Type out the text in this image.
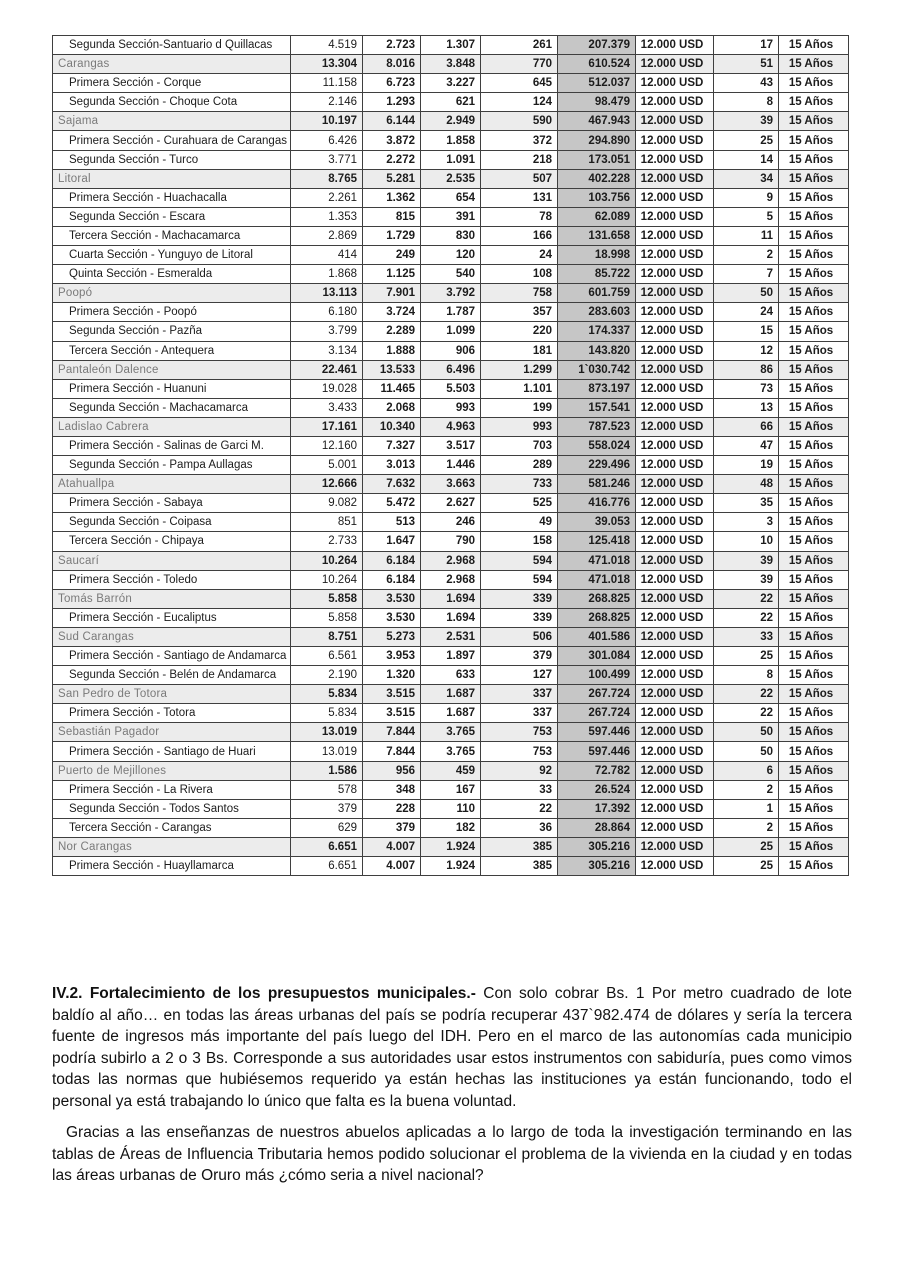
Segunda Sección-Santuario d Quillacas	4.519	2.723	1.307	261	207.379	12.000 USD	17	15 Años
Carangas	13.304	8.016	3.848	770	610.524	12.000 USD	51	15 Años
Primera Sección - Corque	11.158	6.723	3.227	645	512.037	12.000 USD	43	15 Años
Segunda Sección - Choque Cota	2.146	1.293	621	124	98.479	12.000 USD	8	15 Años
Sajama	10.197	6.144	2.949	590	467.943	12.000 USD	39	15 Años
Primera Sección - Curahuara de Carangas	6.426	3.872	1.858	372	294.890	12.000 USD	25	15 Años
Segunda Sección - Turco	3.771	2.272	1.091	218	173.051	12.000 USD	14	15 Años
Litoral	8.765	5.281	2.535	507	402.228	12.000 USD	34	15 Años
Primera Sección - Huachacalla	2.261	1.362	654	131	103.756	12.000 USD	9	15 Años
Segunda Sección - Escara	1.353	815	391	78	62.089	12.000 USD	5	15 Años
Tercera Sección - Machacamarca	2.869	1.729	830	166	131.658	12.000 USD	11	15 Años
Cuarta Sección - Yunguyo de Litoral	414	249	120	24	18.998	12.000 USD	2	15 Años
Quinta Sección - Esmeralda	1.868	1.125	540	108	85.722	12.000 USD	7	15 Años
Poopó	13.113	7.901	3.792	758	601.759	12.000 USD	50	15 Años
Primera Sección - Poopó	6.180	3.724	1.787	357	283.603	12.000 USD	24	15 Años
Segunda Sección - Pazña	3.799	2.289	1.099	220	174.337	12.000 USD	15	15 Años
Tercera Sección - Antequera	3.134	1.888	906	181	143.820	12.000 USD	12	15 Años
Pantaleón Dalence	22.461	13.533	6.496	1.299	1`030.742	12.000 USD	86	15 Años
Primera Sección - Huanuni	19.028	11.465	5.503	1.101	873.197	12.000 USD	73	15 Años
Segunda Sección - Machacamarca	3.433	2.068	993	199	157.541	12.000 USD	13	15 Años
Ladislao Cabrera	17.161	10.340	4.963	993	787.523	12.000 USD	66	15 Años
Primera Sección - Salinas de Garci M.	12.160	7.327	3.517	703	558.024	12.000 USD	47	15 Años
Segunda Sección - Pampa Aullagas	5.001	3.013	1.446	289	229.496	12.000 USD	19	15 Años
Atahuallpa	12.666	7.632	3.663	733	581.246	12.000 USD	48	15 Años
Primera Sección - Sabaya	9.082	5.472	2.627	525	416.776	12.000 USD	35	15 Años
Segunda Sección - Coipasa	851	513	246	49	39.053	12.000 USD	3	15 Años
Tercera Sección - Chipaya	2.733	1.647	790	158	125.418	12.000 USD	10	15 Años
Saucarí	10.264	6.184	2.968	594	471.018	12.000 USD	39	15 Años
Primera Sección - Toledo	10.264	6.184	2.968	594	471.018	12.000 USD	39	15 Años
Tomás Barrón	5.858	3.530	1.694	339	268.825	12.000 USD	22	15 Años
Primera Sección - Eucaliptus	5.858	3.530	1.694	339	268.825	12.000 USD	22	15 Años
Sud Carangas	8.751	5.273	2.531	506	401.586	12.000 USD	33	15 Años
Primera Sección - Santiago de Andamarca	6.561	3.953	1.897	379	301.084	12.000 USD	25	15 Años
Segunda Sección - Belén de Andamarca	2.190	1.320	633	127	100.499	12.000 USD	8	15 Años
San Pedro de Totora	5.834	3.515	1.687	337	267.724	12.000 USD	22	15 Años
Primera Sección - Totora	5.834	3.515	1.687	337	267.724	12.000 USD	22	15 Años
Sebastián Pagador	13.019	7.844	3.765	753	597.446	12.000 USD	50	15 Años
Primera Sección - Santiago de Huari	13.019	7.844	3.765	753	597.446	12.000 USD	50	15 Años
Puerto de Mejillones	1.586	956	459	92	72.782	12.000 USD	6	15 Años
Primera Sección - La Rivera	578	348	167	33	26.524	12.000 USD	2	15 Años
Segunda Sección - Todos Santos	379	228	110	22	17.392	12.000 USD	1	15 Años
Tercera Sección - Carangas	629	379	182	36	28.864	12.000 USD	2	15 Años
Nor Carangas	6.651	4.007	1.924	385	305.216	12.000 USD	25	15 Años
Primera Sección - Huayllamarca	6.651	4.007	1.924	385	305.216	12.000 USD	25	15 Años

IV.2. Fortalecimiento de los presupuestos municipales.- Con solo cobrar Bs. 1 Por metro cuadrado de lote baldío al año… en todas las áreas urbanas del país se podría recuperar 437`982.474 de dólares y sería la tercera fuente de ingresos más importante del país luego del IDH. Pero en el marco de las autonomías cada municipio podría subirlo a 2 o 3 Bs. Corresponde a sus autoridades usar estos instrumentos con sabiduría, pues como vimos todas las normas que hubiésemos requerido ya están hechas las instituciones ya están funcionando, todo el personal ya está trabajando lo único que falta es la buena voluntad.

Gracias a las enseñanzas de nuestros abuelos aplicadas a lo largo de toda la investigación terminando en las tablas de Áreas de Influencia Tributaria hemos podido solucionar el problema de la vivienda en la ciudad y en todas las áreas urbanas de Oruro más ¿cómo seria a nivel nacional?
